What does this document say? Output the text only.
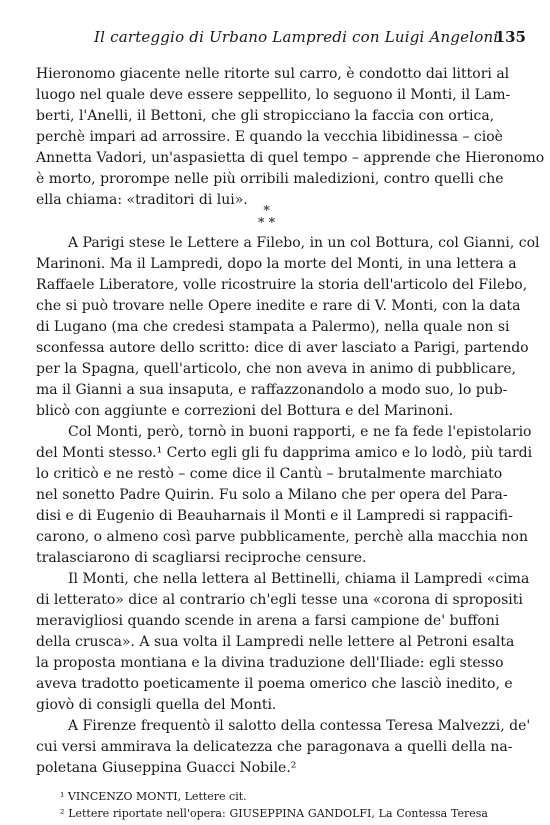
Il carteggio di Urbano Lampredi con Luigi Angeloni
135
Hieronomo giacente nelle ritorte sul carro, è condotto dai littori al
luogo nel quale deve essere seppellito, lo seguono il Monti, il Lam-
berti, l'Anelli, il Bettoni, che gli stropicciano la faccia con ortica,
perchè impari ad arrossire. E quando la vecchia libidinessa – cioè
Annetta Vadori, un'aspasietta di quel tempo – apprende che Hieronomo
è morto, prorompe nelle più orribili maledizioni, contro quelli che
ella chiama: «traditori di lui».
*
* *
A Parigi stese le Lettere a Filebo, in un col Bottura, col Gianni, col
Marinoni. Ma il Lampredi, dopo la morte del Monti, in una lettera a
Raffaele Liberatore, volle ricostruire la storia dell'articolo del Filebo,
che si può trovare nelle Opere inedite e rare di V. Monti, con la data
di Lugano (ma che credesi stampata a Palermo), nella quale non si
sconfessa autore dello scritto: dice di aver lasciato a Parigi, partendo
per la Spagna, quell'articolo, che non aveva in animo di pubblicare,
ma il Gianni a sua insaputa, e raffazzonandolo a modo suo, lo pub-
blicò con aggiunte e correzioni del Bottura e del Marinoni.
Col Monti, però, tornò in buoni rapporti, e ne fa fede l'epistolario
del Monti stesso.¹ Certo egli gli fu dapprima amico e lo lodò, più tardi
lo criticò e ne restò – come dice il Cantù – brutalmente marchiato
nel sonetto Padre Quirin. Fu solo a Milano che per opera del Para-
disi e di Eugenio di Beauharnais il Monti e il Lampredi si rappacifi-
carono, o almeno così parve pubblicamente, perchè alla macchia non
tralasciarono di scagliarsi reciproche censure.
Il Monti, che nella lettera al Bettinelli, chiama il Lampredi «cima
di letterato» dice al contrario ch'egli tesse una «corona di spropositi
meravigliosi quando scende in arena a farsi campione de' buffoni
della crusca». A sua volta il Lampredi nelle lettere al Petroni esalta
la proposta montiana e la divina traduzione dell'Iliade: egli stesso
aveva tradotto poeticamente il poema omerico che lasciò inedito, e
giovò di consigli quella del Monti.
A Firenze frequentò il salotto della contessa Teresa Malvezzi, de'
cui versi ammirava la delicatezza che paragonava a quelli della na-
poletana Giuseppina Guacci Nobile.²
¹ VINCENZO MONTI, Lettere cit.
² Lettere riportate nell'opera: GIUSEPPINA GANDOLFI, La Contessa Teresa
